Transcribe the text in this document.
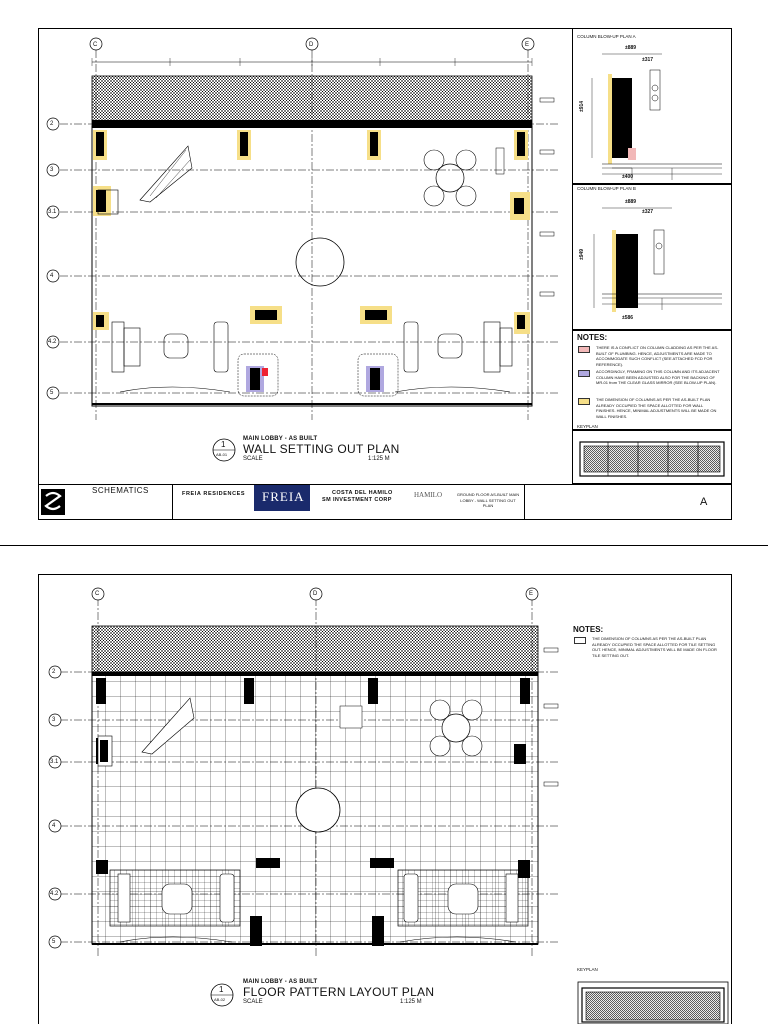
C	D	E
2
3
3.1
4
4.2
5
1
AB-01
MAIN LOBBY - AS BUILT
WALL SETTING OUT PLAN
SCALE	1:125 M
COLUMN BLOW-UP PLAN A
±889
±317
±914
±400
COLUMN BLOW-UP PLAN B
±889
±327
±949
±586
NOTES:
THERE IS A CONFLICT ON COLUMN CLADDING AS PER THE AS-BUILT OF PLUMBING. HENCE, ADJUSTMENTS ARE MADE TO ACCOMMODATE SUCH CONFLICT (SEE ATTACHED FCD FOR REFERENCE).
ACCORDINGLY, FRAMING ON THIS COLUMN AND ITS ADJACENT COLUMN HAVE BEEN ADJUSTED ALSO FOR THE BACKING OF MR-01 from THE CLEAR GLASS MIRROR (SEE BLOW-UP PLAN).
THE DIMENSION OF COLUMNS AS PER THE AS-BUILT PLAN ALREADY OCCUPIED THE SPACE ALLOTTED FOR WALL FINISHES. HENCE, MINIMAL ADJUSTMENTS WILL BE MADE ON WALL FINISHES.
KEYPLAN
SCHEMATICS	FREIA RESIDENCES FREIA	COSTA DEL HAMILO
SM INVESTMENT CORP
HAMILO	GROUND FLOOR AS-BUILT MAIN LOBBY - WALL SETTING OUT PLAN	A
C	D	E
2
3
3.1
4
4.2
5
NOTES:
THE DIMENSION OF COLUMNS AS PER THE AS-BUILT PLAN ALREADY OCCUPIED THE SPACE ALLOTTED FOR TILE SETTING OUT. HENCE, MINIMAL ADJUSTMENTS WILL BE MADE ON FLOOR TILE SETTING OUT.
KEYPLAN
1
AB-02
MAIN LOBBY - AS BUILT
FLOOR PATTERN LAYOUT PLAN
SCALE	1:125 M
